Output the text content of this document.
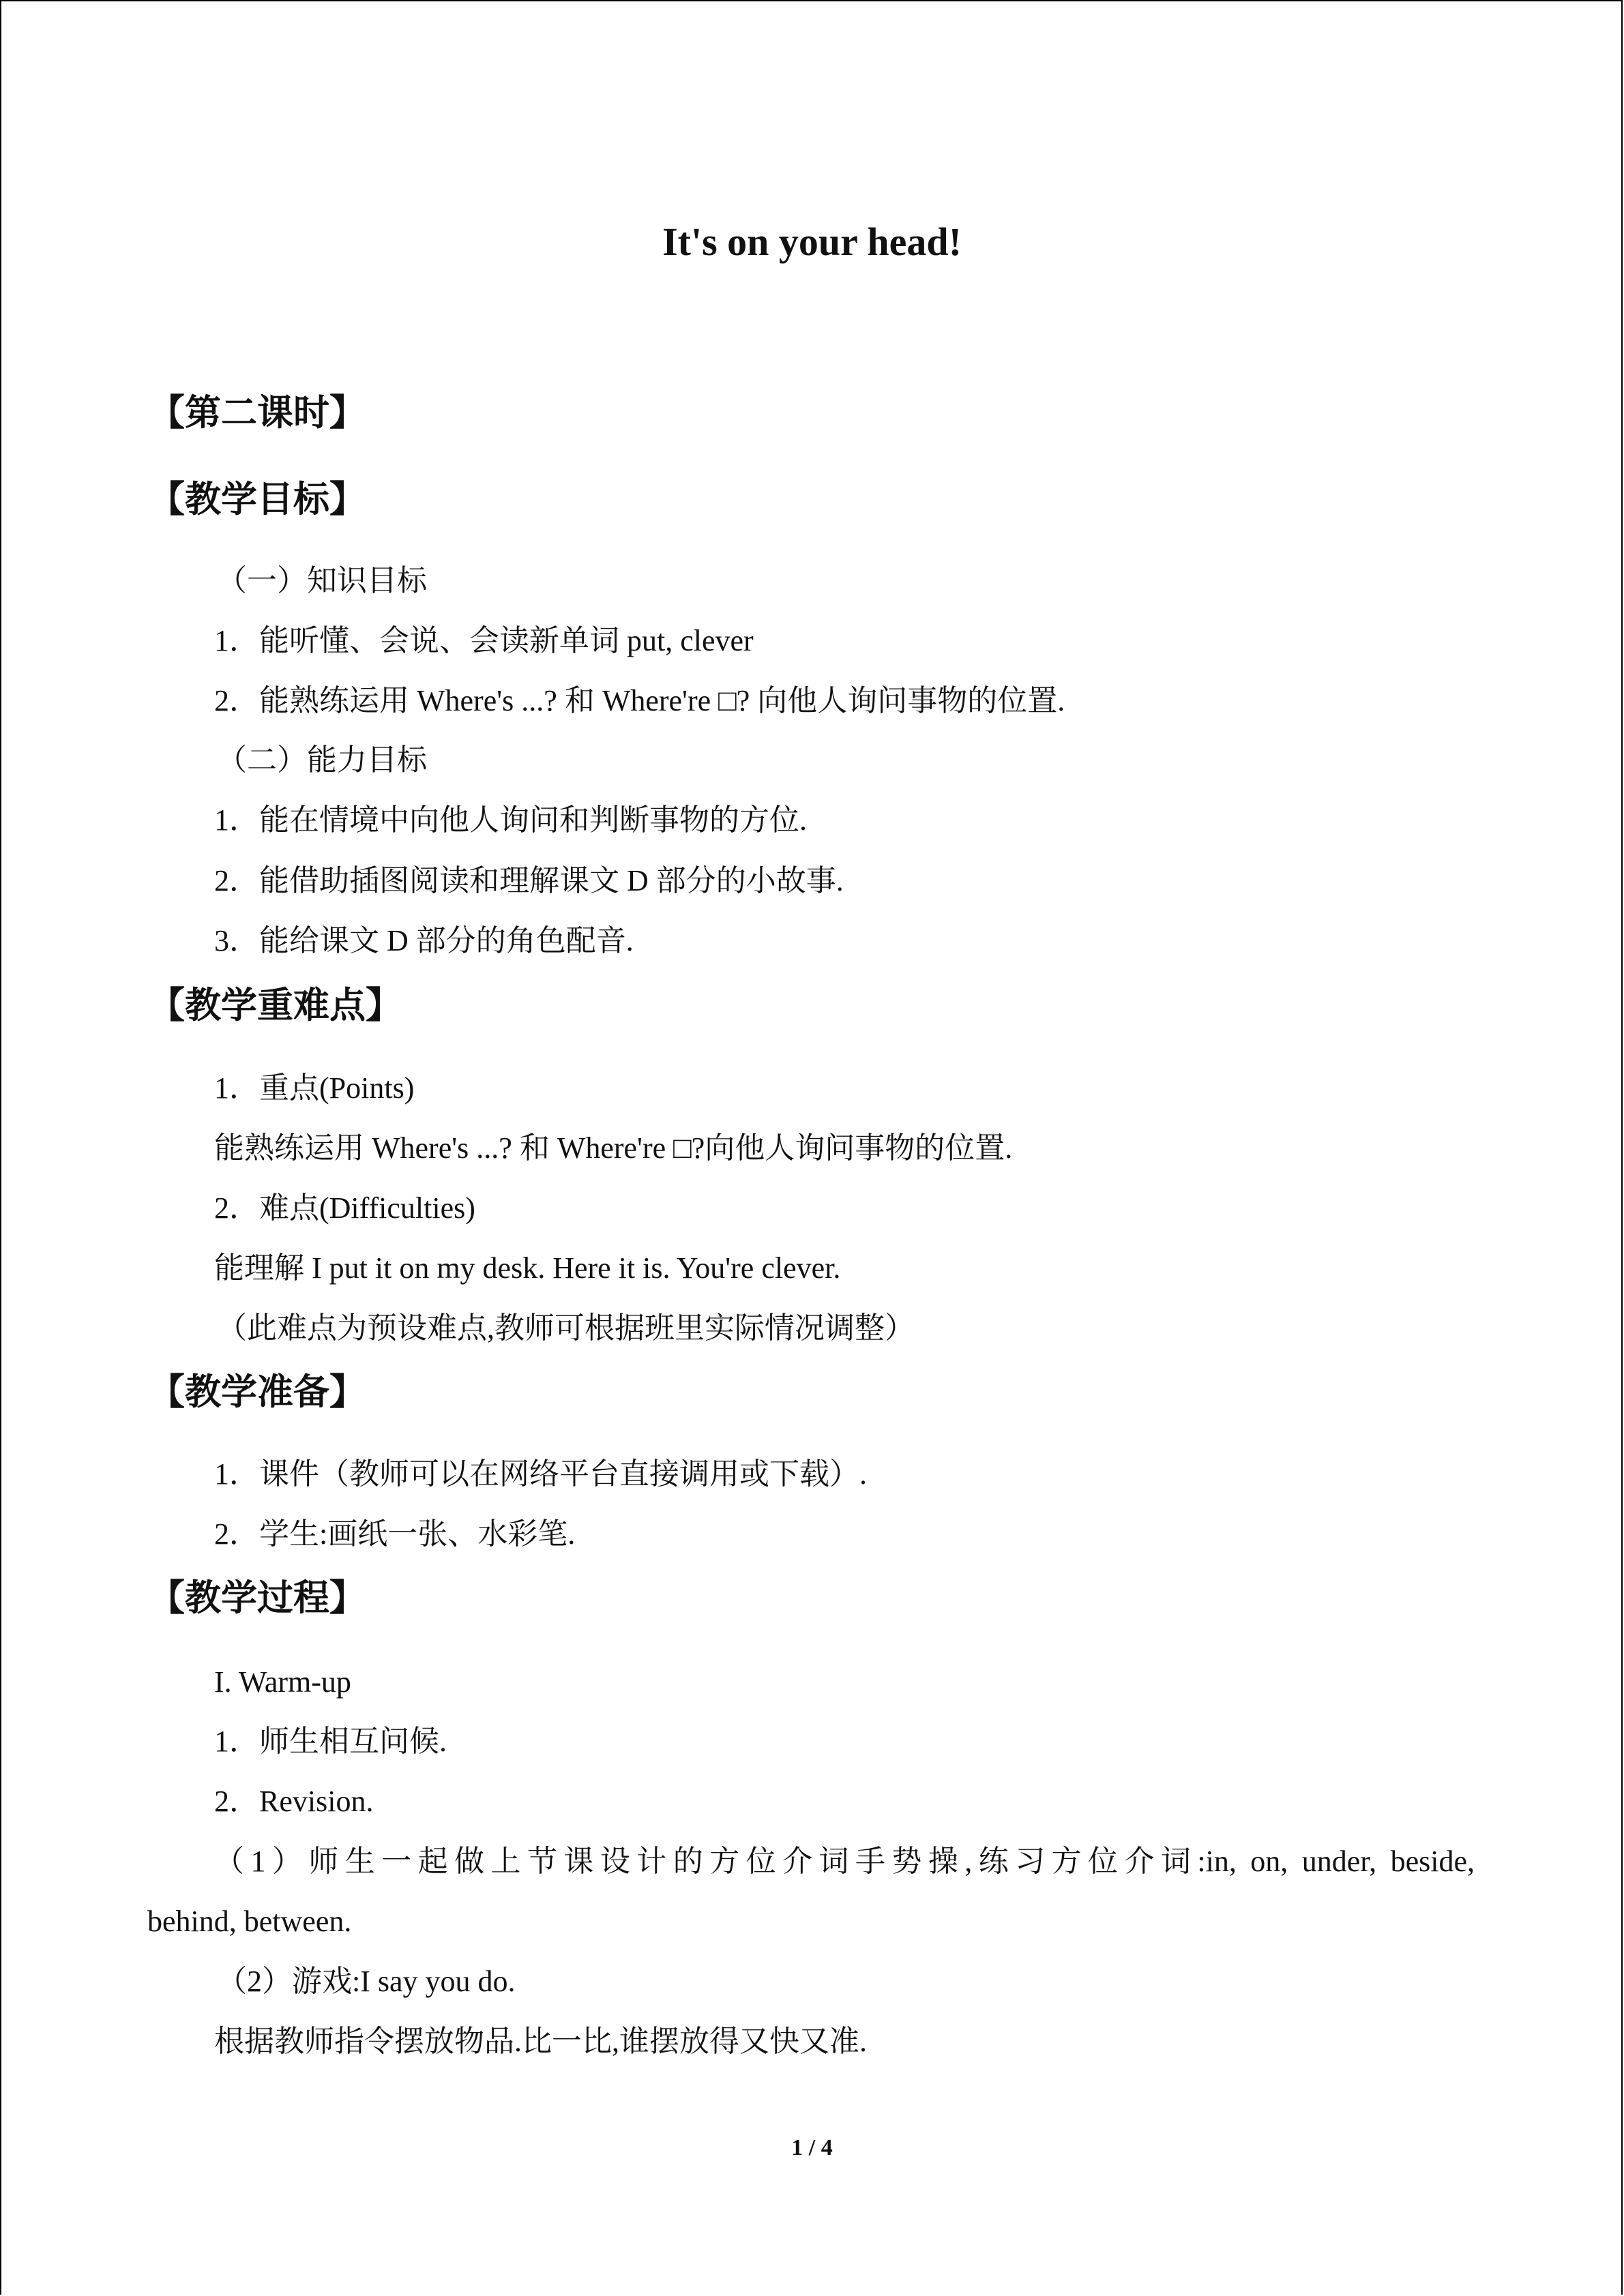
It's on your head!
【第二课时】
【教学目标】
（一）知识目标
1．能听懂、会说、会读新单词 put, clever
2．能熟练运用 Where's ...? 和 Where're □? 向他人询问事物的位置.
（二）能力目标
1．能在情境中向他人询问和判断事物的方位.
2．能借助插图阅读和理解课文 D 部分的小故事.
3．能给课文 D 部分的角色配音.
【教学重难点】
1．重点(Points)
能熟练运用 Where's ...? 和 Where're □?向他人询问事物的位置.
2．难点(Difficulties)
能理解 I put it on my desk. Here it is. You're clever.
（此难点为预设难点,教师可根据班里实际情况调整）
【教学准备】
1．课件（教师可以在网络平台直接调用或下载）.
2．学生:画纸一张、水彩笔.
【教学过程】
I. Warm-up
1．师生相互问候.
2．Revision.
（1）师生一起做上节课设计的方位介词手势操,练习方位介词:in, on, under, beside,
behind, between.
（2）游戏:I say you do.
根据教师指令摆放物品.比一比,谁摆放得又快又准.
1 / 4
